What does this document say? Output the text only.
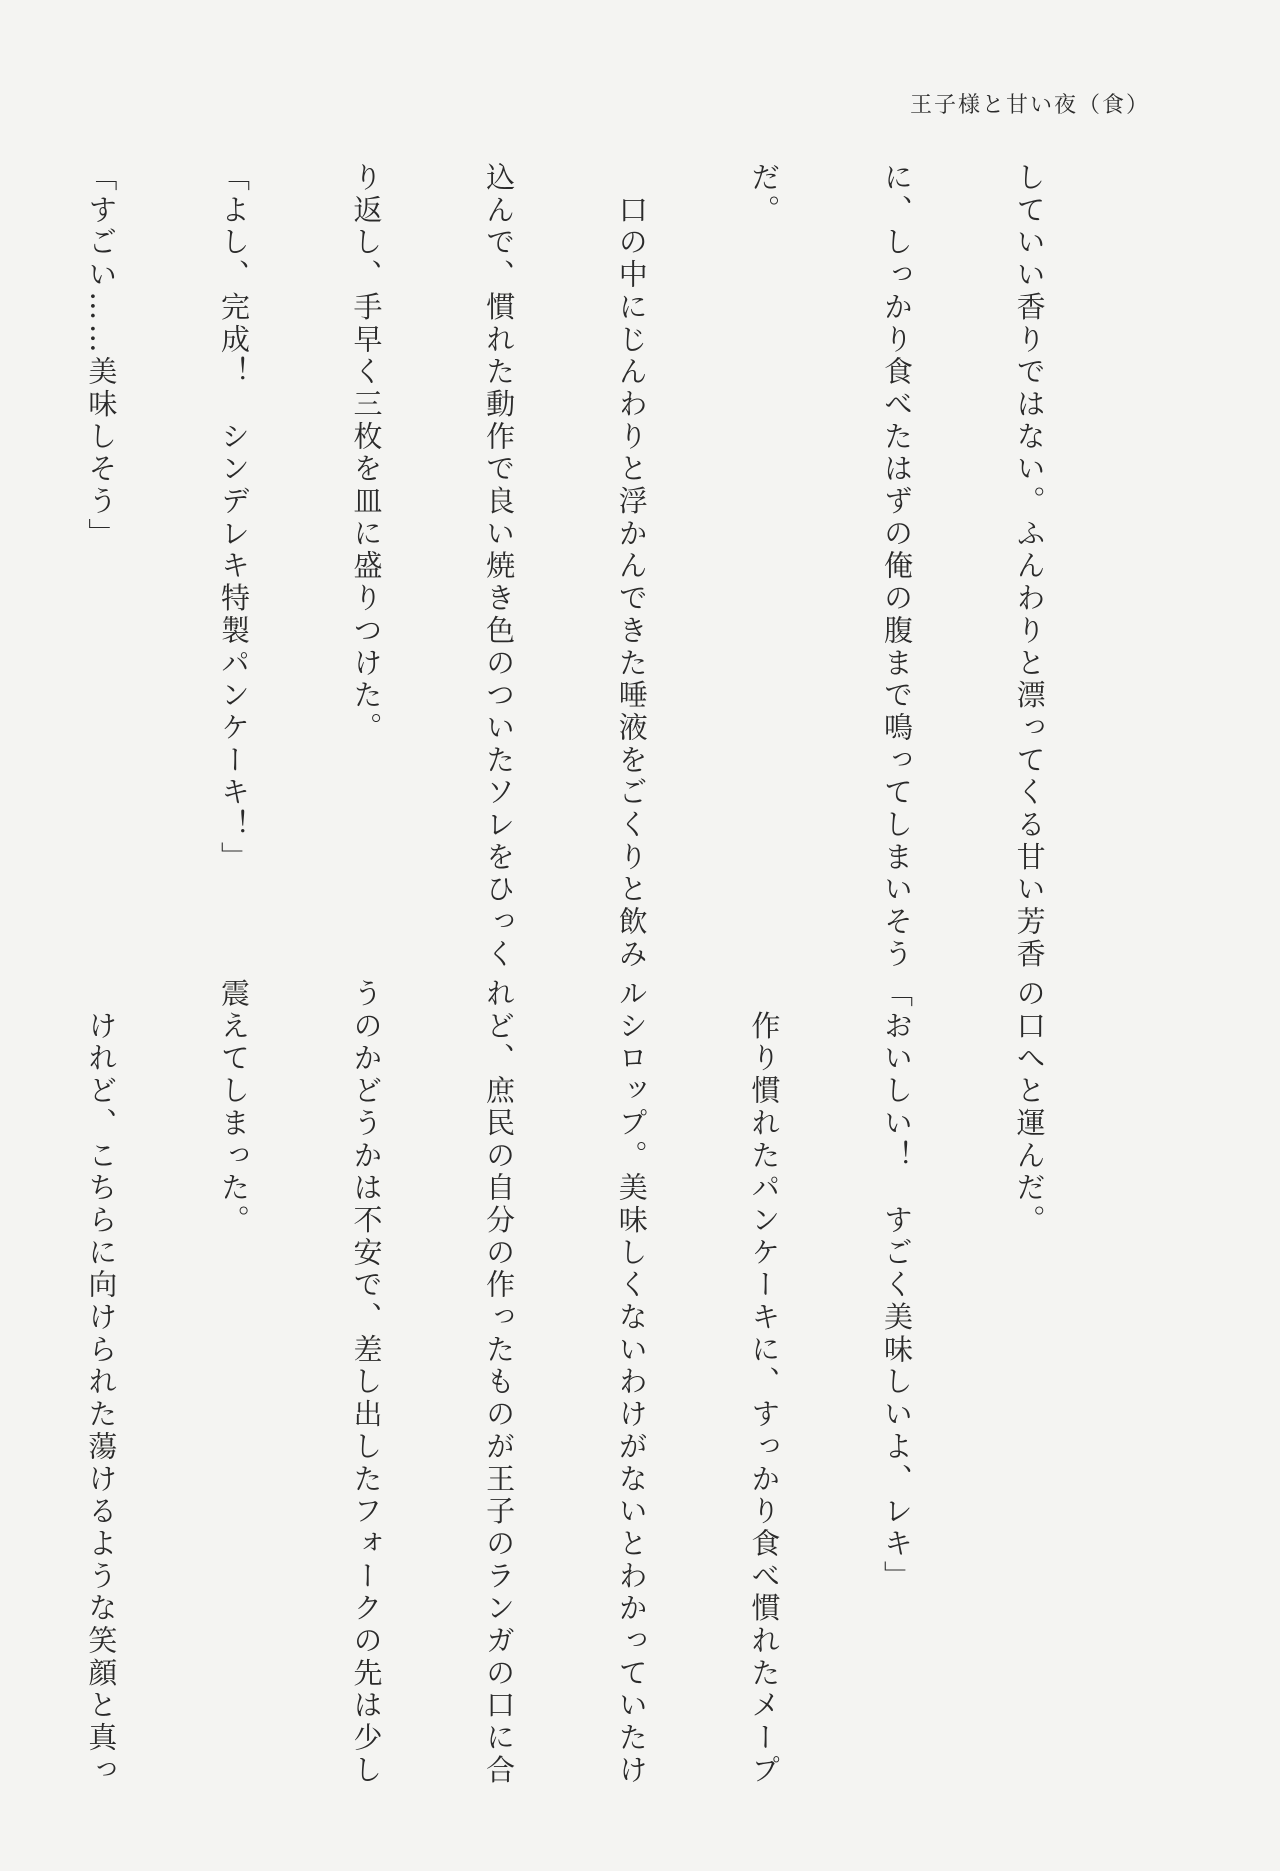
王子様と甘い夜（食）

していい香りではない。ふんわりと漂ってくる甘い芳香

に、しっかり食べたはずの俺の腹まで鳴ってしまいそう

だ。

　口の中にじんわりと浮かんできた唾液をごくりと飲み

込んで、慣れた動作で良い焼き色のついたソレをひっく

り返し、手早く三枚を皿に盛りつけた。

「よし、完成！　シンデレキ特製パンケーキ！」

「すごい……美味しそう」

の口へと運んだ。

「おいしい！　すごく美味しいよ、レキ」

　作り慣れたパンケーキに、すっかり食べ慣れたメープ

ルシロップ。美味しくないわけがないとわかっていたけ

れど、庶民の自分の作ったものが王子のランガの口に合

うのかどうかは不安で、差し出したフォークの先は少し

震えてしまった。

　けれど、こちらに向けられた蕩けるような笑顔と真っ
